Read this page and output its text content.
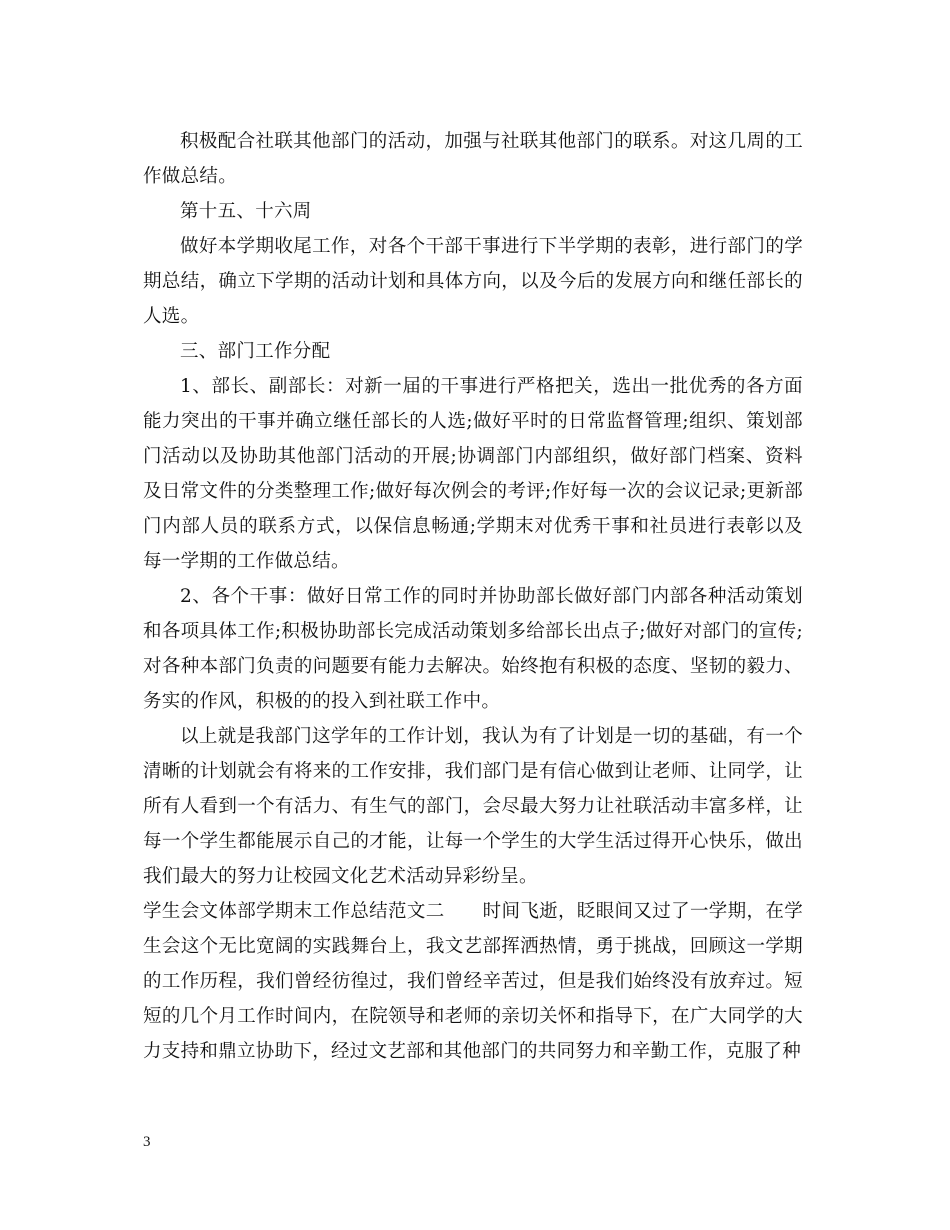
积极配合社联其他部门的活动，加强与社联其他部门的联系。对这几周的工作做总结。

第十五、十六周

做好本学期收尾工作，对各个干部干事进行下半学期的表彰，进行部门的学期总结，确立下学期的活动计划和具体方向，以及今后的发展方向和继任部长的人选。

三、部门工作分配

1、部长、副部长：对新一届的干事进行严格把关，选出一批优秀的各方面能力突出的干事并确立继任部长的人选;做好平时的日常监督管理;组织、策划部门活动以及协助其他部门活动的开展;协调部门内部组织，做好部门档案、资料及日常文件的分类整理工作;做好每次例会的考评;作好每一次的会议记录;更新部门内部人员的联系方式，以保信息畅通;学期末对优秀干事和社员进行表彰以及每一学期的工作做总结。

2、各个干事：做好日常工作的同时并协助部长做好部门内部各种活动策划和各项具体工作;积极协助部长完成活动策划多给部长出点子;做好对部门的宣传;对各种本部门负责的问题要有能力去解决。始终抱有积极的态度、坚韧的毅力、务实的作风，积极的的投入到社联工作中。

以上就是我部门这学年的工作计划，我认为有了计划是一切的基础，有一个清晰的计划就会有将来的工作安排，我们部门是有信心做到让老师、让同学，让所有人看到一个有活力、有生气的部门，会尽最大努力让社联活动丰富多样，让每一个学生都能展示自己的才能，让每一个学生的大学生活过得开心快乐，做出我们最大的努力让校园文化艺术活动异彩纷呈。

学生会文体部学期末工作总结范文二 时间飞逝，眨眼间又过了一学期，在学生会这个无比宽阔的实践舞台上，我文艺部挥洒热情，勇于挑战，回顾这一学期的工作历程，我们曾经彷徨过，我们曾经辛苦过，但是我们始终没有放弃过。短短的几个月工作时间内，在院领导和老师的亲切关怀和指导下，在广大同学的大力支持和鼎立协助下，经过文艺部和其他部门的共同努力和辛勤工作，克服了种

3
